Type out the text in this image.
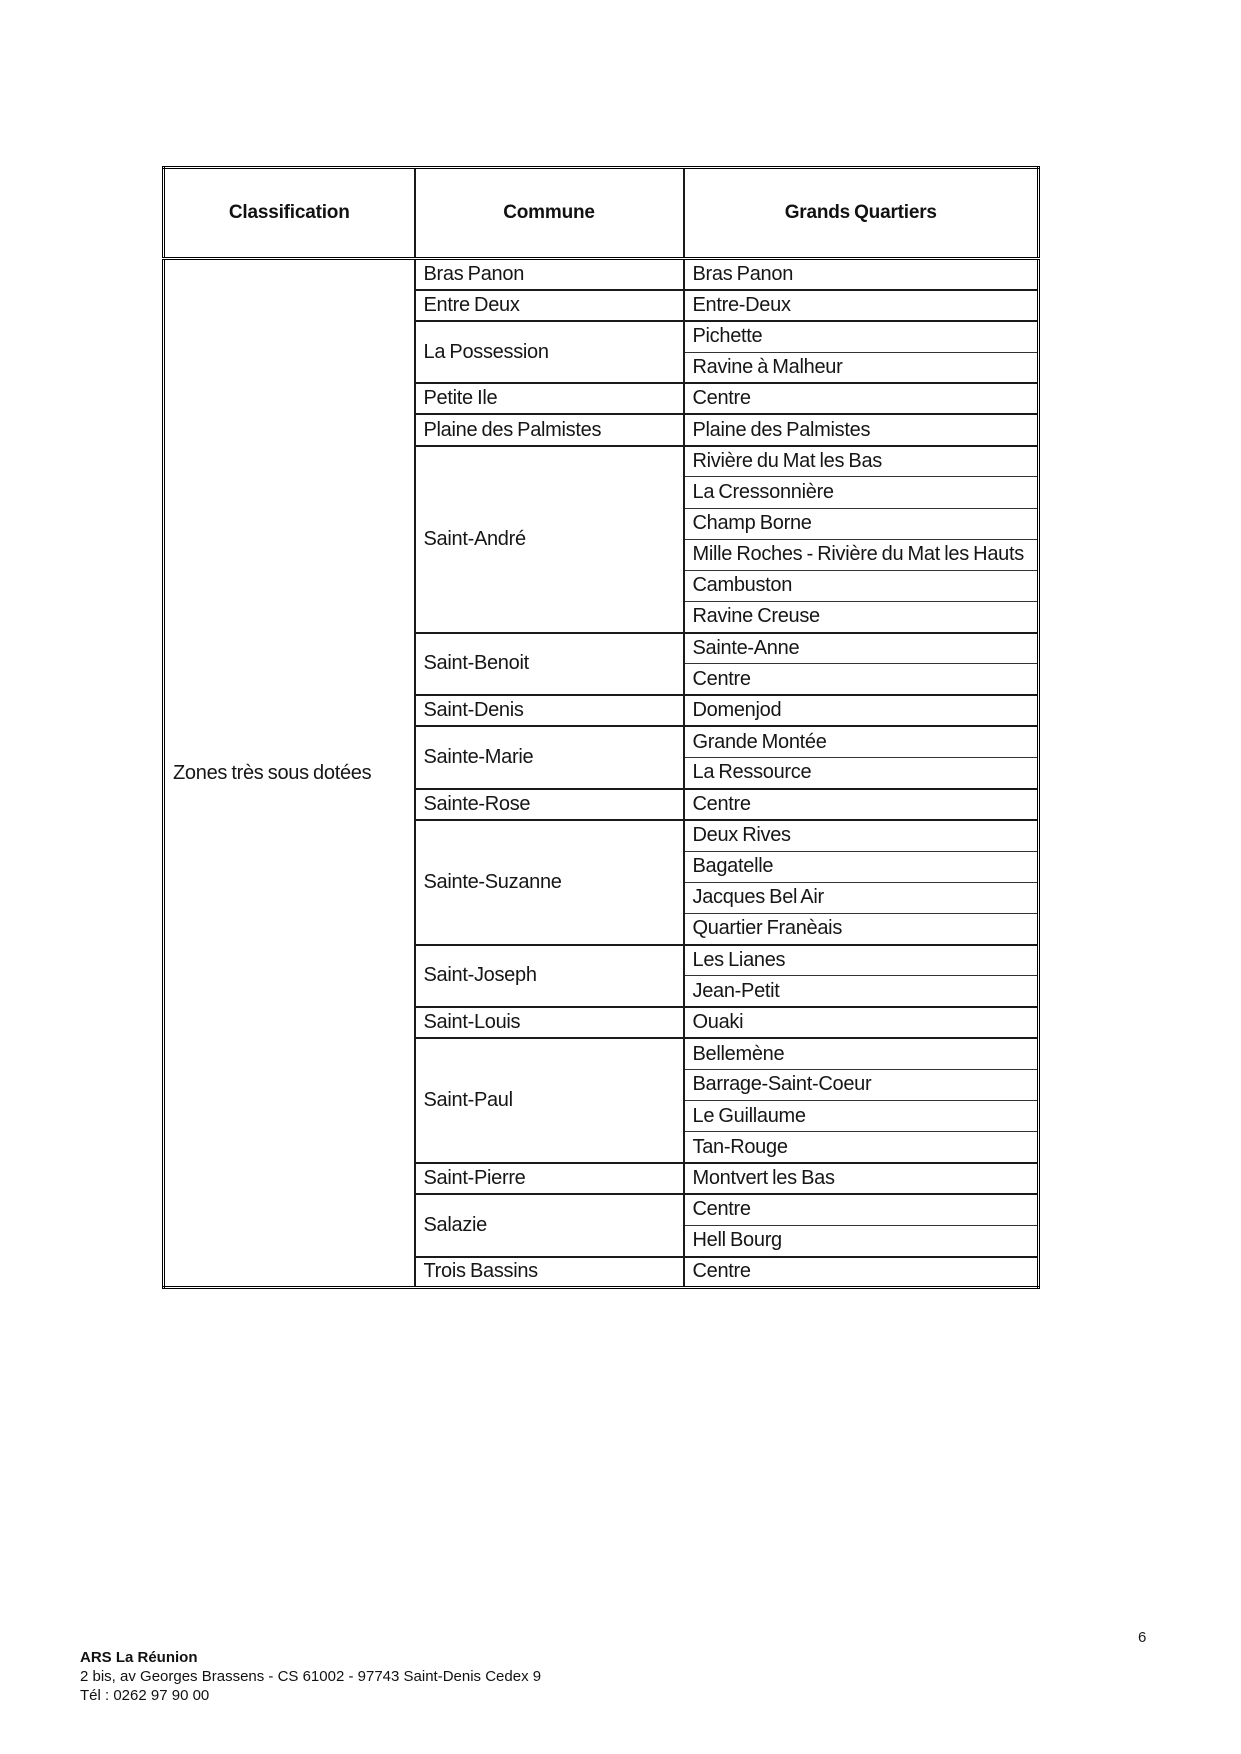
Classification	Commune	Grands Quartiers
Zones très sous dotées	Bras Panon	Bras Panon
	Entre Deux	Entre-Deux
	La Possession	Pichette
		Ravine à Malheur
	Petite Ile	Centre
	Plaine des Palmistes	Plaine des Palmistes
	Saint-André	Rivière du Mat les Bas
		La Cressonnière
		Champ Borne
		Mille Roches - Rivière du Mat les Hauts
		Cambuston
		Ravine Creuse
	Saint-Benoit	Sainte-Anne
		Centre
	Saint-Denis	Domenjod
	Sainte-Marie	Grande Montée
		La Ressource
	Sainte-Rose	Centre
	Sainte-Suzanne	Deux Rives
		Bagatelle
		Jacques Bel Air
		Quartier Franèais
	Saint-Joseph	Les Lianes
		Jean-Petit
	Saint-Louis	Ouaki
	Saint-Paul	Bellemène
		Barrage-Saint-Coeur
		Le Guillaume
		Tan-Rouge
	Saint-Pierre	Montvert les Bas
	Salazie	Centre
		Hell Bourg
	Trois Bassins	Centre
6
ARS La Réunion
2 bis, av Georges Brassens - CS 61002 - 97743 Saint-Denis Cedex 9
Tél : 0262 97 90 00
